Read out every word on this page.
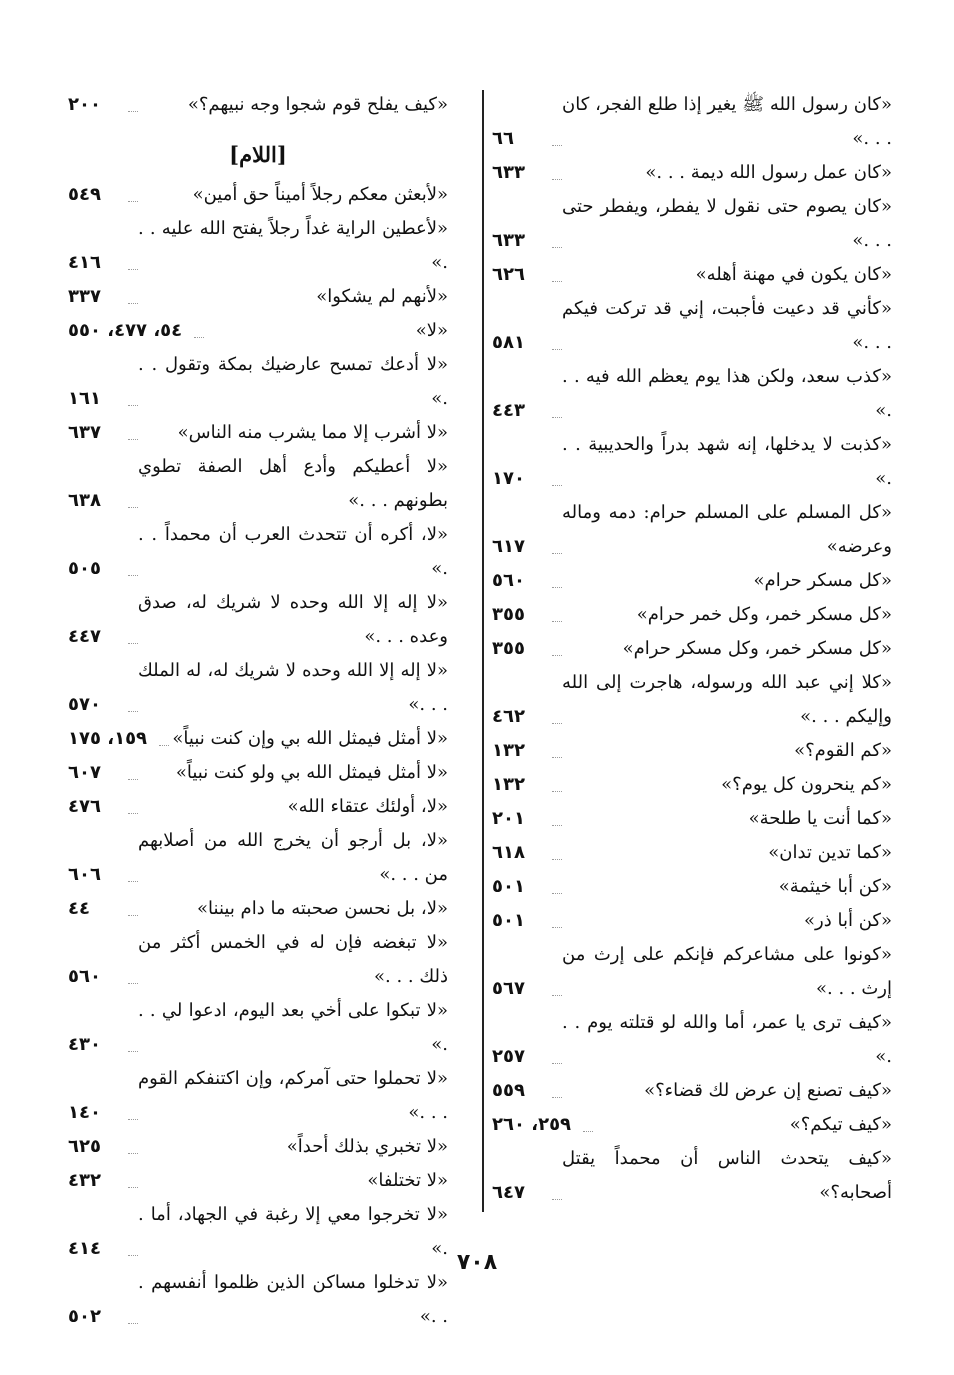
«كان رسول الله ﷺ يغير إذا طلع الفجر، كان . . .»
٦٦
«كان عمل رسول الله ديمة . . .»
٦٣٣
«كان يصوم حتى نقول لا يفطر، ويفطر حتى . . .»
٦٣٣
«كان يكون في مهنة أهله»
٦٢٦
«كأني قد دعيت فأجبت، إني قد تركت فيكم . . .»
٥٨١
«كذب سعد، ولكن هذا يوم يعظم الله فيه . . .»
٤٤٣
«كذبت لا يدخلها، إنه شهد بدراً والحديبية . . .»
١٧٠
«كل المسلم على المسلم حرام: دمه وماله وعرضه»
٦١٧
«كل مسكر حرام»
٥٦٠
«كل مسكر خمر، وكل خمر حرام»
٣٥٥
«كل مسكر خمر، وكل مسكر حرام»
٣٥٥
«كلا إني عبد الله ورسوله، هاجرت إلى الله وإليكم . . .»
٤٦٢
«كم القوم؟»
١٣٢
«كم ينحرون كل يوم؟»
١٣٢
«كما أنت يا طلحة»
٢٠١
«كما تدين تدان»
٦١٨
«كن أبا خيثمة»
٥٠١
«كن أبا ذر»
٥٠١
«كونوا على مشاعركم فإنكم على إرث من إرث . . .»
٥٦٧
«كيف ترى يا عمر، أما والله لو قتلته يوم . . .»
٢٥٧
«كيف تصنع إن عرض لك قضاء؟»
٥٥٩
«كيف تيكم؟»
٢٥٩، ٢٦٠
«كيف يتحدث الناس أن محمداً يقتل أصحابه؟»
٦٤٧
«كيف يفلح قوم شجوا وجه نبيهم؟»
٢٠٠
[اللام]
«لأبعثن معكم رجلاً أميناً حق أمين»
٥٤٩
«لأعطين الراية غداً رجلاً يفتح الله عليه . . .»
٤١٦
«لأنهم لم يشكوا»
٣٣٧
«لا»
٥٤، ٤٧٧، ٥٥٠
«لا أدعك تمسح عارضيك بمكة وتقول . . .»
١٦١
«لا أشرب إلا مما يشرب منه الناس»
٦٣٧
«لا أعطيكم وأدع أهل الصفة تطوي بطونهم . . .»
٦٣٨
«لا، أكره أن تتحدث العرب أن محمداً . . .»
٥٠٥
«لا إله إلا الله وحده لا شريك له، صدق وعده . . .»
٤٤٧
«لا إله إلا الله وحده لا شريك له، له الملك . . .»
٥٧٠
«لا أمثل فيمثل الله بي وإن كنت نبياً»
١٥٩، ١٧٥
«لا أمثل فيمثل الله بي ولو كنت نبياً»
٦٠٧
«لا، أولئك عتقاء الله»
٤٧٦
«لا، بل أرجو أن يخرج الله من أصلابهم من . . .»
٦٠٦
«لا، بل نحسن صحبته ما دام بيننا»
٤٤
«لا تبغضه فإن له في الخمس أكثر من ذلك . . .»
٥٦٠
«لا تبكوا على أخي بعد اليوم، ادعوا لي . . .»
٤٣٠
«لا تحملوا حتى آمركم، وإن اكتنفكم القوم . . .»
١٤٠
«لا تخبري بذلك أحداً»
٦٢٥
«لا تختلفا»
٤٣٢
«لا تخرجوا معي إلا رغبة في الجهاد، أما . .»
٤١٤
«لا تدخلوا مساكن الذين ظلموا أنفسهم . . .»
٥٠٢
٧٠٨
